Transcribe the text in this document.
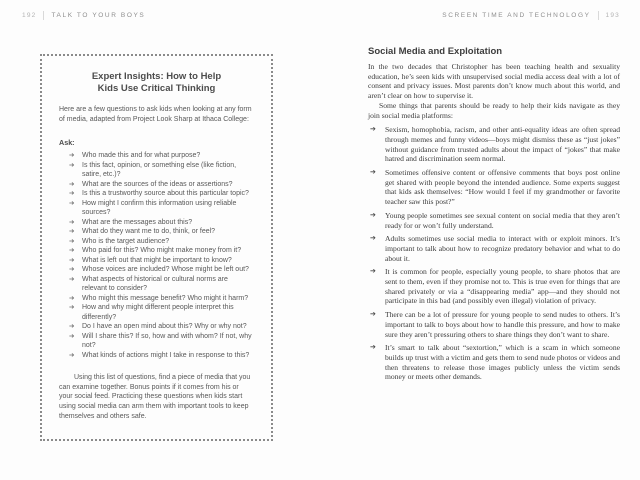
192 TALK TO YOUR BOYS	SCREEN TIME AND TECHNOLOGY 193
Expert Insights: How to Help
Kids Use Critical Thinking

Here are a few questions to ask kids when looking at any form of media, adapted from Project Look Sharp at Ithaca College:

Ask:

➔	Who made this and for what purpose?
➔	Is this fact, opinion, or something else (like fiction, satire, etc.)?
➔	What are the sources of the ideas or assertions?
➔	Is this a trustworthy source about this particular topic?
➔	How might I confirm this information using reliable sources?
➔	What are the messages about this?
➔	What do they want me to do, think, or feel?
➔	Who is the target audience?
➔	Who paid for this? Who might make money from it?
➔	What is left out that might be important to know?
➔	Whose voices are included? Whose might be left out?
➔	What aspects of historical or cultural norms are relevant to consider?
➔	Who might this message benefit? Who might it harm?
➔	How and why might different people interpret this differently?
➔	Do I have an open mind about this? Why or why not?
➔	Will I share this? If so, how and with whom? If not, why not?
➔	What kinds of actions might I take in response to this?

Using this list of questions, find a piece of media that you can examine together. Bonus points if it comes from his or your social feed. Practicing these questions when kids start using social media can arm them with important tools to keep themselves and others safe.

Social Media and Exploitation

In the two decades that Christopher has been teaching health and sexuality education, he’s seen kids with unsupervised social media access deal with a lot of consent and privacy issues. Most parents don’t know much about this world, and aren’t clear on how to supervise it.

Some things that parents should be ready to help their kids navigate as they join social media platforms:

➔	Sexism, homophobia, racism, and other anti-equality ideas are often spread through memes and funny videos—boys might dismiss these as “just jokes” without guidance from trusted adults about the impact of “jokes” that make hatred and discrimination seem normal.
➔	Sometimes offensive content or offensive comments that boys post online get shared with people beyond the intended audience. Some experts suggest that kids ask themselves: “How would I feel if my grandmother or favorite teacher saw this post?”
➔	Young people sometimes see sexual content on social media that they aren’t ready for or won’t fully understand.
➔	Adults sometimes use social media to interact with or exploit minors. It’s important to talk about how to recognize predatory behavior and what to do about it.
➔	It is common for people, especially young people, to share photos that are sent to them, even if they promise not to. This is true even for things that are shared privately or via a “disappearing media” app—and they should not participate in this bad (and possibly even illegal) violation of privacy.
➔	There can be a lot of pressure for young people to send nudes to others. It’s important to talk to boys about how to handle this pressure, and how to make sure they aren’t pressuring others to share things they don’t want to share.
➔	It’s smart to talk about “sextortion,” which is a scam in which someone builds up trust with a victim and gets them to send nude photos or videos and then threatens to release those images publicly unless the victim sends money or meets other demands.
